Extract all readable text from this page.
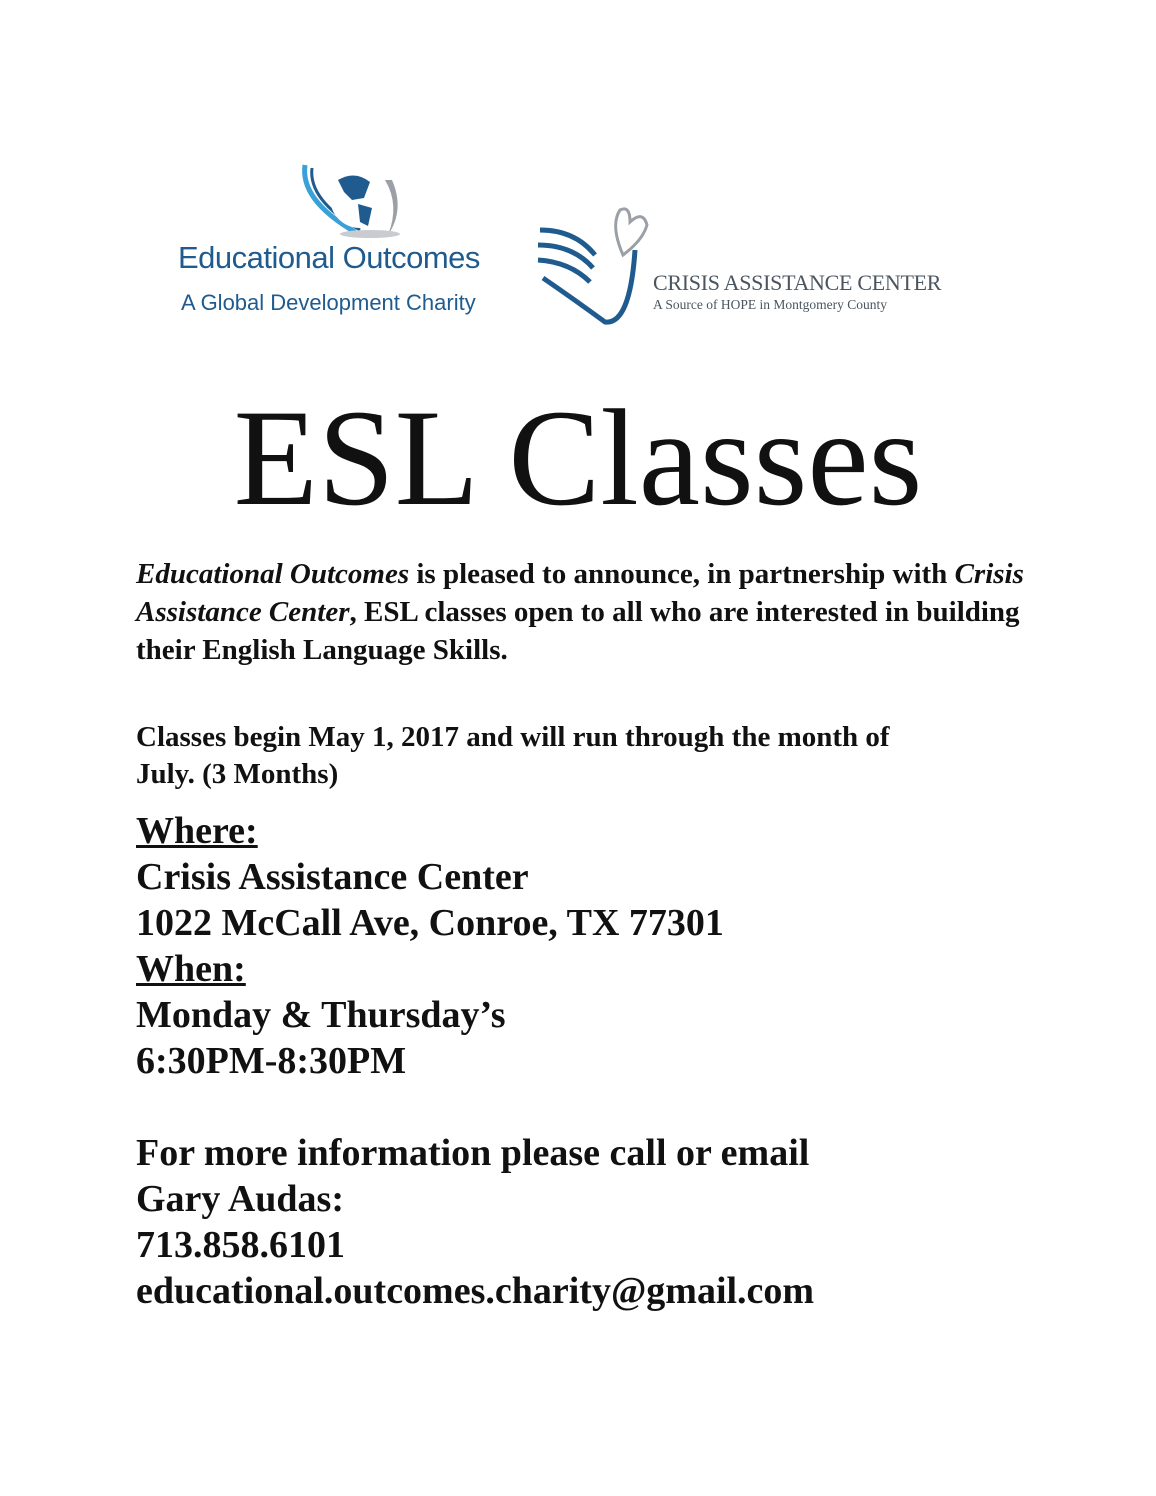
Educational Outcomes
A Global Development Charity
CRISIS ASSISTANCE CENTER
A Source of HOPE in Montgomery County
ESL Classes
Educational Outcomes is pleased to announce, in partnership with Crisis Assistance Center, ESL classes open to all who are interested in building their English Language Skills.
Classes begin May 1, 2017 and will run through the month of July. (3 Months)
Where:
Crisis Assistance Center
1022 McCall Ave, Conroe, TX 77301
When:
Monday & Thursday’s
6:30PM-8:30PM
For more information please call or email
Gary Audas:
713.858.6101
educational.outcomes.charity@gmail.com
